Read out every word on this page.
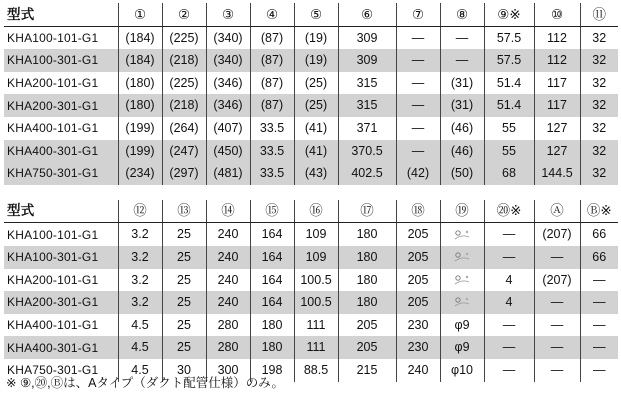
型式	①	②	③	④	⑤	⑥	⑦	⑧	⑨※	⑩	⑪
KHA100-101-G1	(184)	(225)	(340)	(87)	(19)	309	—	—	57.5	112	32
KHA100-301-G1	(184)	(218)	(340)	(87)	(19)	309	—	—	57.5	112	32
KHA200-101-G1	(180)	(225)	(346)	(87)	(25)	315	—	(31)	51.4	117	32
KHA200-301-G1	(180)	(218)	(346)	(87)	(25)	315	—	(31)	51.4	117	32
KHA400-101-G1	(199)	(264)	(407)	33.5	(41)	371	—	(46)	55	127	32
KHA400-301-G1	(199)	(247)	(450)	33.5	(41)	370.5	—	(46)	55	127	32
KHA750-301-G1	(234)	(297)	(481)	33.5	(43)	402.5	(42)	(50)	68	144.5	32
型式	⑫	⑬	⑭	⑮	⑯	⑰	⑱	⑲	⑳※	Ⓐ	Ⓑ※
KHA100-101-G1	3.2	25	240	164	109	180	205		—	(207)	66
KHA100-301-G1	3.2	25	240	164	109	180	205		—	—	66
KHA200-101-G1	3.2	25	240	164	100.5	180	205		4	(207)	—
KHA200-301-G1	3.2	25	240	164	100.5	180	205		4	—	—
KHA400-101-G1	4.5	25	280	180	111	205	230	φ9	—	—	—
KHA400-301-G1	4.5	25	280	180	111	205	230	φ9	—	—	—
KHA750-301-G1	4.5	30	300	198	88.5	215	240	φ10	—	—	—
※ ⑨,⑳,Ⓑは、Aタイプ（ダクト配管仕様）のみ。
